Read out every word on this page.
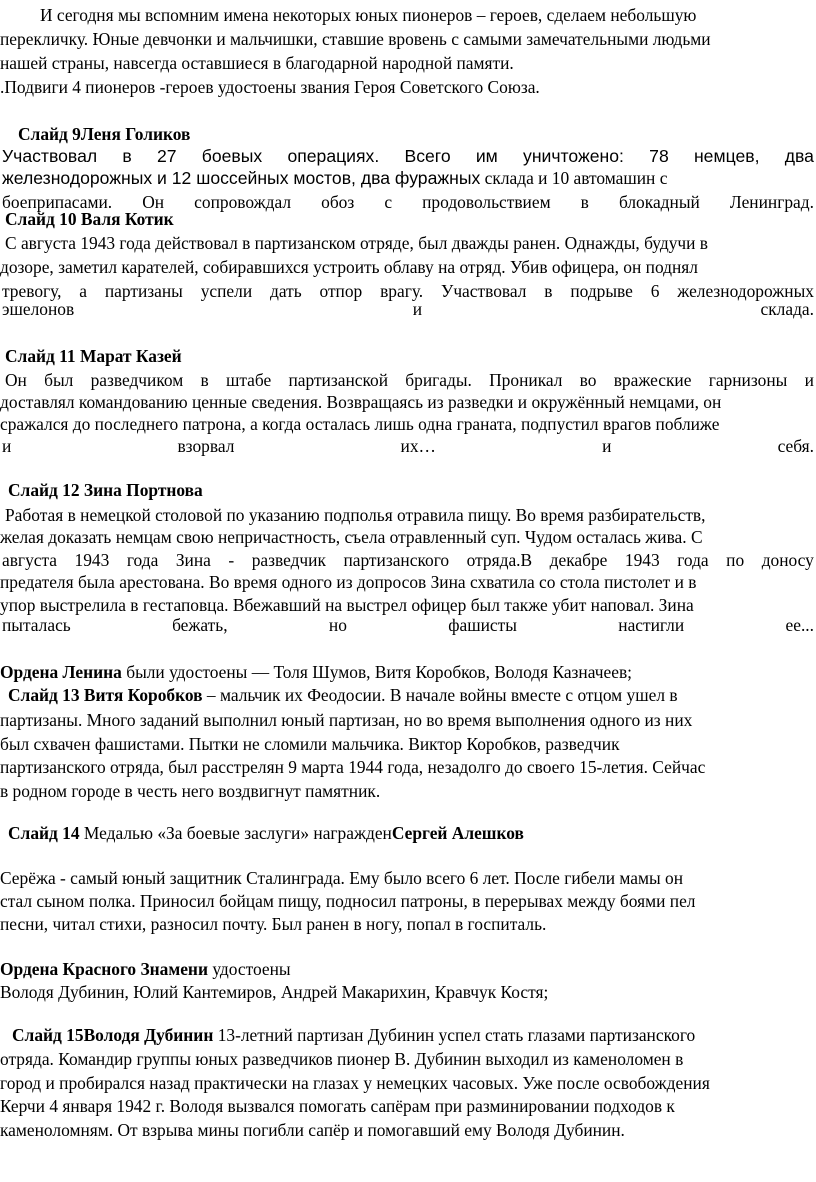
И сегодня мы вспомним имена некоторых юных пионеров – героев, сделаем небольшую
перекличку. Юные девчонки и мальчишки, ставшие вровень с самыми замечательными людьми
нашей страны, навсегда оставшиеся в благодарной народной памяти.
.Подвиги 4 пионеров -героев удостоены звания Героя Советского Союза.
Слайд 9Леня Голиков
Участвовал в 27 боевых операциях. Всего им уничтожено: 78 немцев, два
железнодорожных и 12 шоссейных мостов, два фуражных склада и 10 автомашин с
боеприпасами. Он сопровождал обоз с продовольствием в блокадный Ленинград.
Слайд 10 Валя Котик
С августа 1943 года действовал в партизанском отряде, был дважды ранен. Однажды, будучи в
дозоре, заметил карателей, собиравшихся устроить облаву на отряд. Убив офицера, он поднял
тревогу, а партизаны успели дать отпор врагу. Участвовал в подрыве 6 железнодорожных
эшелонов	и	склада.
Слайд 11 Марат Казей
Он был разведчиком в штабе партизанской бригады. Проникал во вражеские гарнизоны и
доставлял командованию ценные сведения. Возвращаясь из разведки и окружённый немцами, он
сражался до последнего патрона, а когда осталась лишь одна граната, подпустил врагов поближе
и	взорвал	их…	и	себя.
Слайд 12 Зина Портнова
Работая в немецкой столовой по указанию подполья отравила пищу. Во время разбирательств,
желая доказать немцам свою непричастность, съела отравленный суп. Чудом осталась жива. С
августа 1943 года Зина - разведчик партизанского отряда.В декабре 1943 года по доносу
предателя была арестована. Во время одного из допросов Зина схватила со стола пистолет и в
упор выстрелила в гестаповца. Вбежавший на выстрел офицер был также убит наповал. Зина
пыталась	бежать,	но	фашисты	настигли	ее...
Ордена Ленина были удостоены — Толя Шумов, Витя Коробков, Володя Казначеев;
Слайд 13 Витя Коробков – мальчик их Феодосии. В начале войны вместе с отцом ушел в
партизаны. Много заданий выполнил юный партизан, но во время выполнения одного из них
был схвачен фашистами. Пытки не сломили мальчика. Виктор Коробков, разведчик
партизанского отряда, был расстрелян 9 марта 1944 года, незадолго до своего 15-летия. Сейчас
в родном городе в честь него воздвигнут памятник.
Слайд 14 Медалью «За боевые заслуги» награжденСергей Алешков
Серёжа - самый юный защитник Сталинграда. Ему было всего 6 лет. После гибели мамы он
стал сыном полка. Приносил бойцам пищу, подносил патроны, в перерывах между боями пел
песни, читал стихи, разносил почту. Был ранен в ногу, попал в госпиталь.
Ордена Красного Знамени удостоены
Володя Дубинин, Юлий Кантемиров, Андрей Макарихин, Кравчук Костя;
Слайд 15Володя Дубинин 13-летний партизан Дубинин успел стать глазами партизанского
отряда. Командир группы юных разведчиков пионер В. Дубинин выходил из каменоломен в
город и пробирался назад практически на глазах у немецких часовых. Уже после освобождения
Керчи 4 января 1942 г. Володя вызвался помогать сапёрам при разминировании подходов к
каменоломням. От взрыва мины погибли сапёр и помогавший ему Володя Дубинин.
